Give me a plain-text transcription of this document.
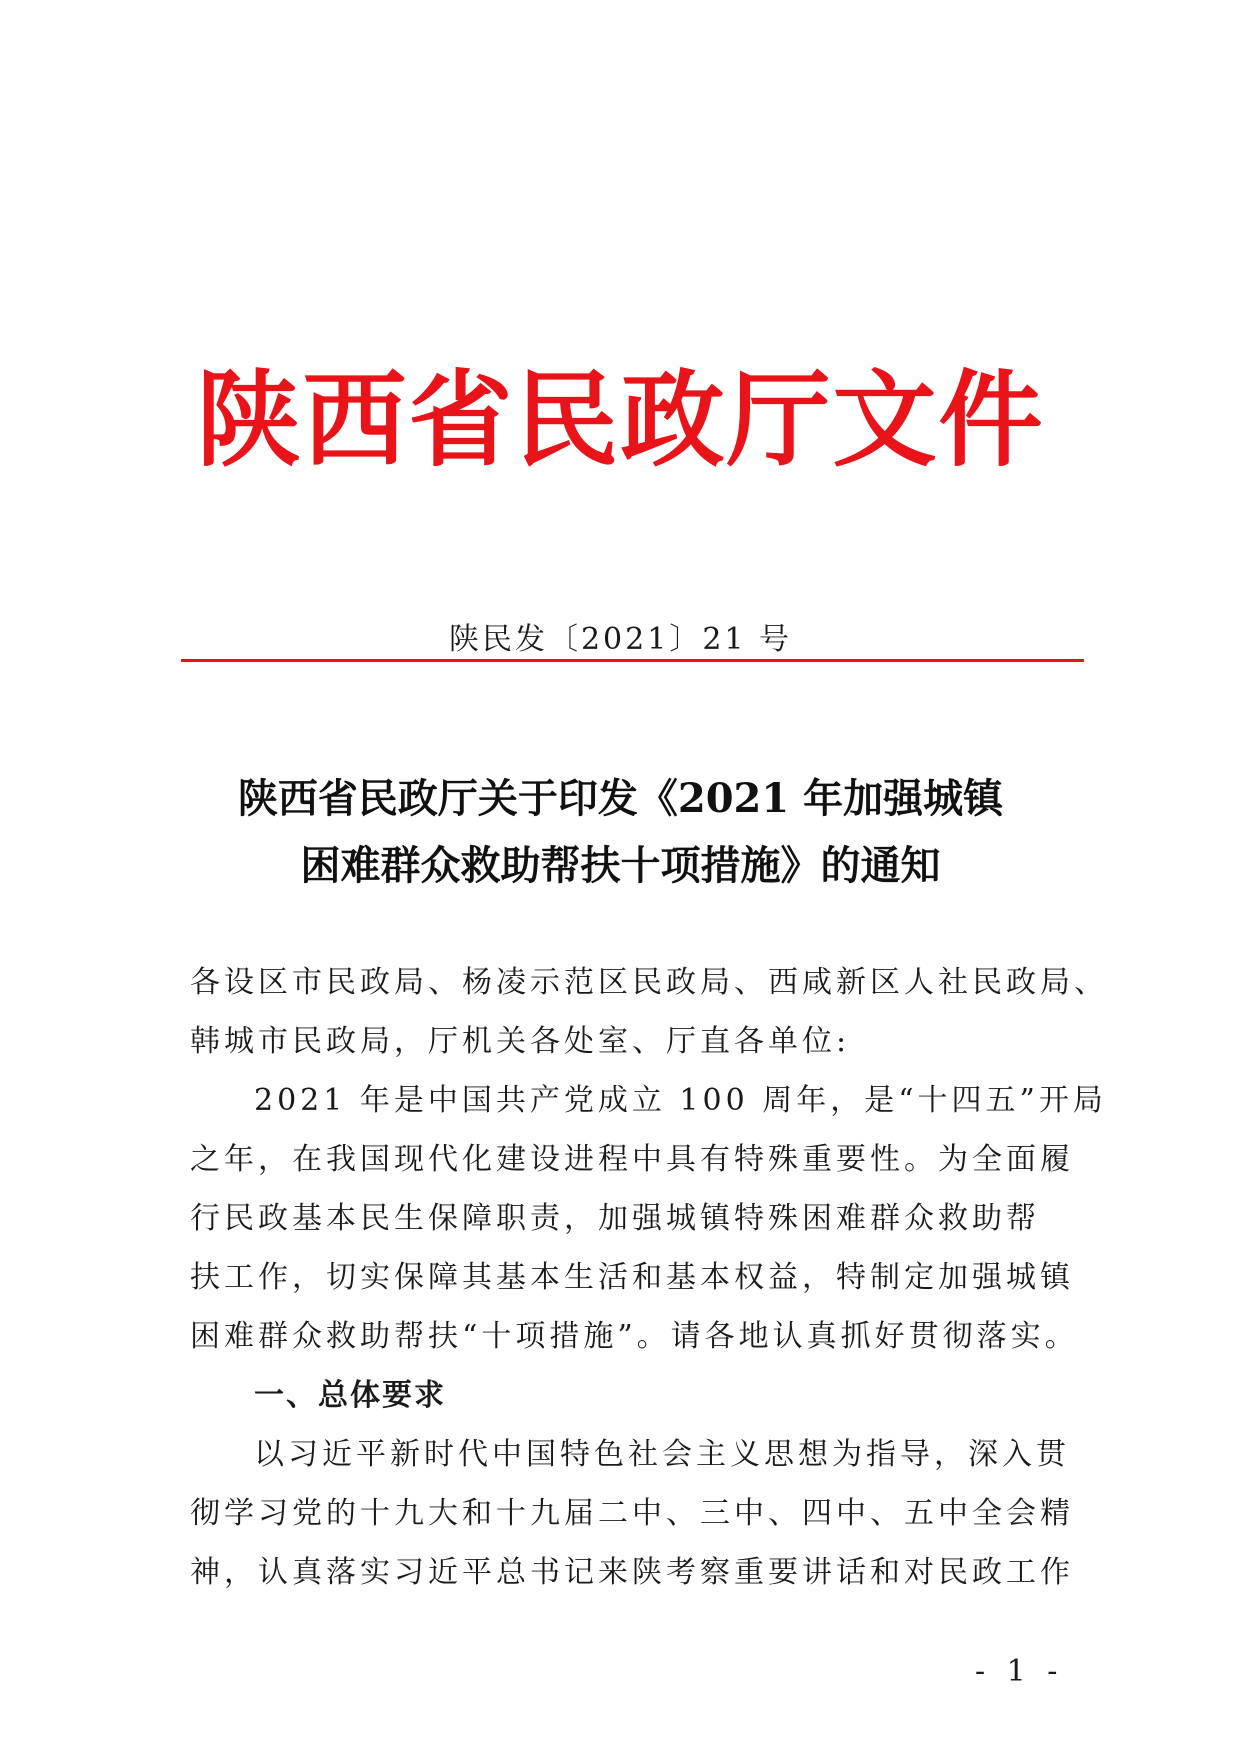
陕西省民政厅文件
陕民发〔2021〕21 号
陕西省民政厅关于印发《2021 年加强城镇
困难群众救助帮扶十项措施》的通知
各设区市民政局、杨凌示范区民政局、西咸新区人社民政局、
韩城市民政局，厅机关各处室、厅直各单位:
2021 年是中国共产党成立 100 周年，是“十四五”开局
之年，在我国现代化建设进程中具有特殊重要性。为全面履
行民政基本民生保障职责，加强城镇特殊困难群众救助帮
扶工作，切实保障其基本生活和基本权益，特制定加强城镇
困难群众救助帮扶“十项措施”。请各地认真抓好贯彻落实。
一、总体要求
以习近平新时代中国特色社会主义思想为指导，深入贯
彻学习党的十九大和十九届二中、三中、四中、五中全会精
神，认真落实习近平总书记来陕考察重要讲话和对民政工作
- 1 -
